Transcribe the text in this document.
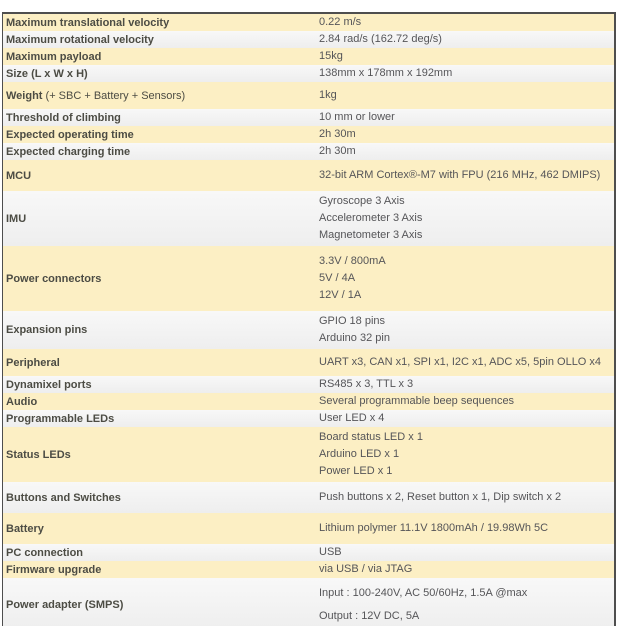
Maximum translational velocity	0.22 m/s

Maximum rotational velocity	2.84 rad/s (162.72 deg/s)

Maximum payload	15kg

Size (L x W x H)	138mm x 178mm x 192mm

Weight (+ SBC + Battery + Sensors)	1kg

Threshold of climbing	10 mm or lower

Expected operating time	2h 30m

Expected charging time	2h 30m

MCU	32-bit ARM Cortex®-M7 with FPU (216 MHz, 462 DMIPS)

IMU	Gyroscope 3 Axis
Accelerometer 3 Axis
Magnetometer 3 Axis

Power connectors	3.3V / 800mA
5V / 4A
12V / 1A

Expansion pins	GPIO 18 pins
Arduino 32 pin

Peripheral	UART x3, CAN x1, SPI x1, I2C x1, ADC x5, 5pin OLLO x4

Dynamixel ports	RS485 x 3, TTL x 3

Audio	Several programmable beep sequences

Programmable LEDs	User LED x 4

Status LEDs	Board status LED x 1
Arduino LED x 1
Power LED x 1

Buttons and Switches	Push buttons x 2, Reset button x 1, Dip switch x 2

Battery	Lithium polymer 11.1V 1800mAh / 19.98Wh 5C

PC connection	USB

Firmware upgrade	via USB / via JTAG

Power adapter (SMPS)	Input : 100-240V, AC 50/60Hz, 1.5A @max
Output : 12V DC, 5A
